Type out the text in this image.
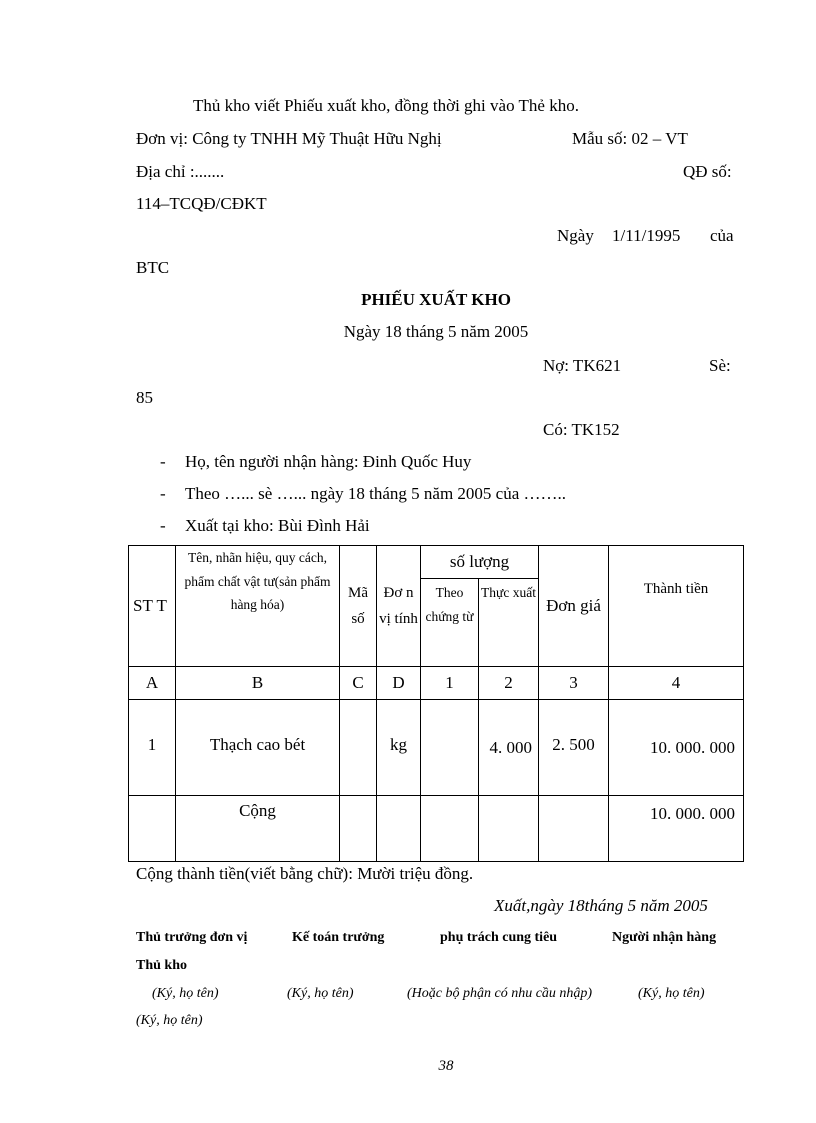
Thủ kho viết Phiếu xuất kho, đồng thời ghi vào Thẻ kho.
Đơn vị: Công ty TNHH Mỹ Thuật Hữu Nghị	Mẫu số: 02 – VT
Địa chỉ :.......	QĐ số:
114–TCQĐ/CĐKT
Ngày 1/11/1995 của
BTC
PHIẾU XUẤT KHO
Ngày 18 tháng 5 năm 2005
Nợ: TK621	Sè:
85
Có: TK152
- Họ, tên người nhận hàng: Đinh Quốc Huy
- Theo …... sè …... ngày 18 tháng 5 năm 2005 của ……..
- Xuất tại kho: Bùi Đình Hải
ST T	Tên, nhãn hiệu, quy cách, phẩm chất vật tư(sản phẩm hàng hóa)	Mã số	Đơ n vị tính	số lượng		Đơn giá	Thành tiền
				Theo chứng từ	Thực xuất		
A	B	C	D	1	2	3	4
1	Thạch cao bét		kg		4. 000	2. 500	10. 000. 000
	Cộng						10. 000. 000
Cộng thành tiền(viết bằng chữ): Mười triệu đồng.
Xuất,ngày 18tháng 5 năm 2005
Thủ trưởng đơn vị	Kế toán trưởng	phụ trách cung tiêu	Người nhận hàng
Thủ kho
(Ký, họ tên)	(Ký, họ tên)	(Hoặc bộ phận có nhu cầu nhập)	(Ký, họ tên)
(Ký, họ tên)
38
